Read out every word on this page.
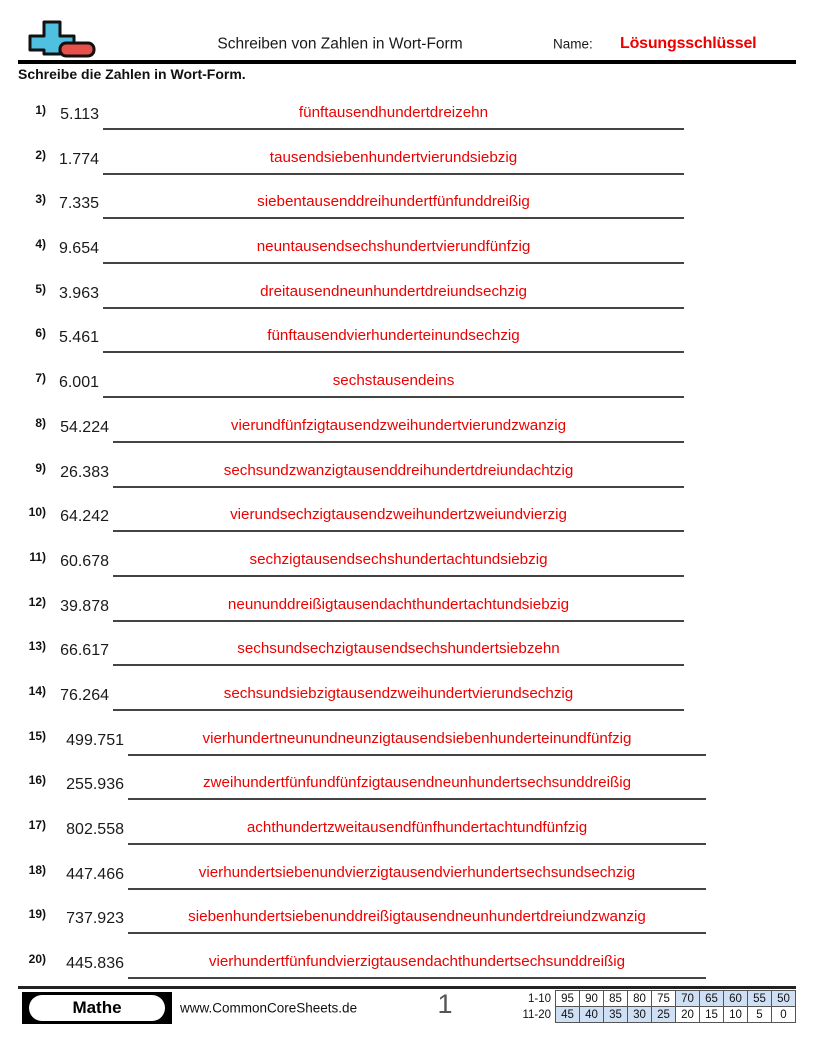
Schreiben von Zahlen in Wort-Form	Name: Lösungsschlüssel
Schreibe die Zahlen in Wort-Form.
1) 5.113	fünftausendhundertdreizehn
2) 1.774	tausendsiebenhundertvierundsiebzig
3) 7.335	siebentausenddreihundertfünfunddreißig
4) 9.654	neuntausendsechshundertvierundfünfzig
5) 3.963	dreitausendneunhundertdreiundsechzig
6) 5.461	fünftausendvierhunderteinundsechzig
7) 6.001	sechstausendeins
8) 54.224	vierundfünfzigtausendzweihundertvierundzwanzig
9) 26.383	sechsundzwanzigtausenddreihundertdreiundachtzig
10) 64.242	vierundsechzigtausendzweihundertzweiundvierzig
11) 60.678	sechzigtausendsechshundertachtundsiebzig
12) 39.878	neununddreißigtausendachthundertachtundsiebzig
13) 66.617	sechsundsechzigtausendsechshundertsiebzehn
14) 76.264	sechsundsiebzigtausendzweihundertvierundsechzig
15)	499.751	vierhundertneunundneunzigtausendsiebenhunderteinundfünfzig
16)	255.936	zweihundertfünfundfünfzigtausendneunhundertsechsunddreißig
17)	802.558	achthundertzweitausendfünfhundertachtundfünfzig
18)	447.466	vierhundertsiebenundvierzigtausendvierhundertsechsundsechzig
19)	737.923	siebenhundertsiebenunddreißigtausendneunhundertdreiundzwanzig
20)	445.836	vierhundertfünfundvierzigtausendachthundertsechsunddreißig
Mathe	www.CommonCoreSheets.de	1	1-10 95 90 85 80 75 70 65 60 55 50
11-20 45 40 35 30 25 20 15 10	5	0
